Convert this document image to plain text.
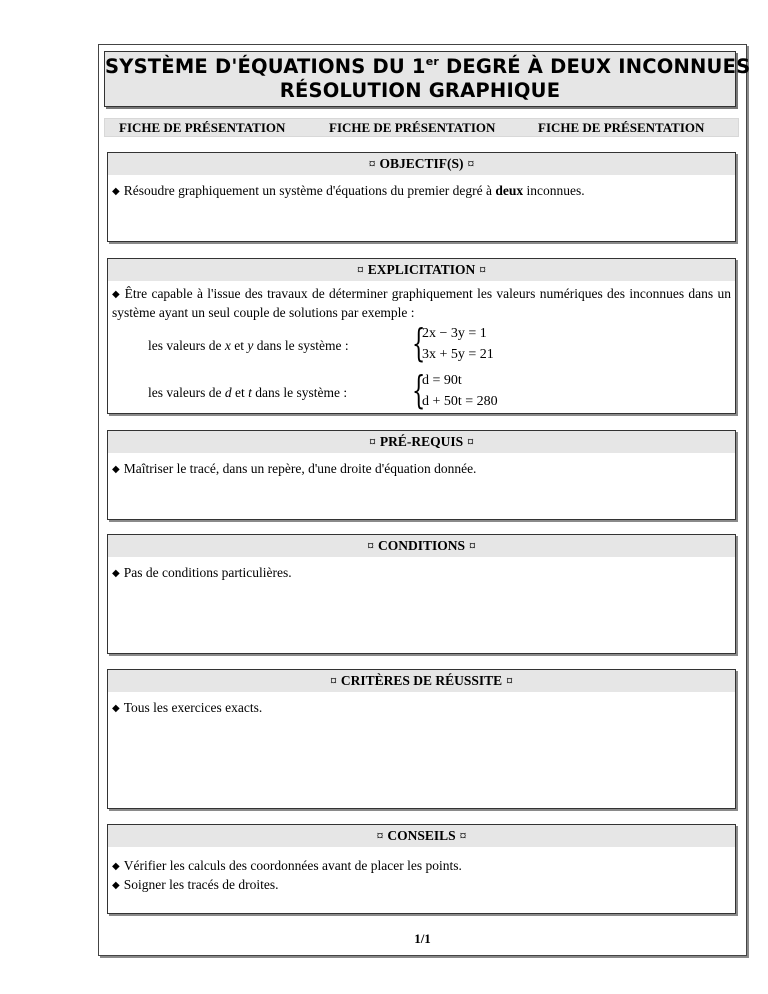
SYSTÈME D'ÉQUATIONS DU 1er DEGRÉ À DEUX INCONNUES
RÉSOLUTION GRAPHIQUE
FICHE DE PRÉSENTATION	FICHE DE PRÉSENTATION	FICHE DE PRÉSENTATION
¤ OBJECTIF(S) ¤
◆ Résoudre graphiquement un système d'équations du premier degré à deux inconnues.
¤ EXPLICITATION ¤
◆ Être capable à l'issue des travaux de déterminer graphiquement les valeurs numériques des inconnues dans un système ayant un seul couple de solutions par exemple :
les valeurs de x et y dans le système : {
2x − 3y = 1
3x + 5y = 21
les valeurs de d et t dans le système : {
d = 90t
d + 50t = 280
¤ PRÉ-REQUIS ¤
◆ Maîtriser le tracé, dans un repère, d'une droite d'équation donnée.
¤ CONDITIONS ¤
◆ Pas de conditions particulières.
¤ CRITÈRES DE RÉUSSITE ¤
◆ Tous les exercices exacts.
¤ CONSEILS ¤
◆ Vérifier les calculs des coordonnées avant de placer les points.
◆ Soigner les tracés de droites.
1/1
